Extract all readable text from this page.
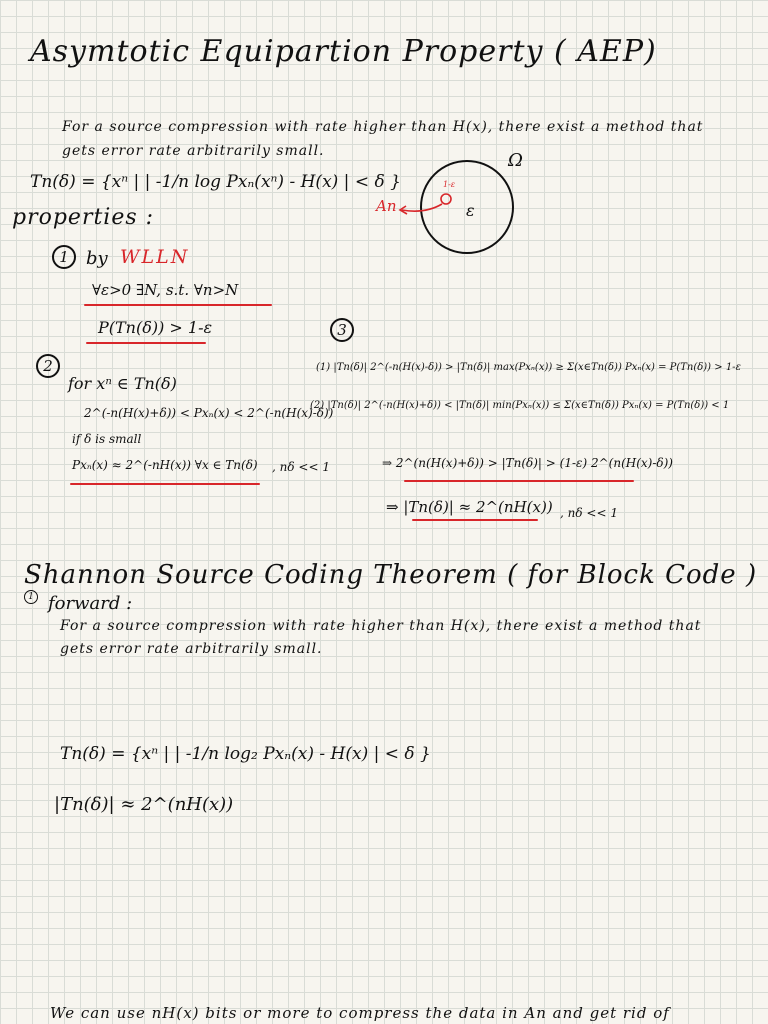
Asymtotic Equipartion Property ( AEP)
For a source compression with rate higher than H(x), there exist a method that
gets error rate arbitrarily small.
Tn(δ) = {xⁿ | | -1/n log Pxₙ(xⁿ) - H(x) | < δ }
properties :
Ω
ε
An
1-ε
1 by WLLN
∀ε>0 ∃N, s.t. ∀n>N
P(Tn(δ)) > 1-ε
2
for xⁿ ∈ Tn(δ)
2^(-n(H(x)+δ)) < Pxₙ(x) < 2^(-n(H(x)-δ))
if δ is small
Pxₙ(x) ≈ 2^(-nH(x)) ∀x ∈ Tn(δ) , nδ << 1
3
(1) |Tn(δ)| 2^(-n(H(x)-δ)) > |Tn(δ)| max(Pxₙ(x)) ≥ Σ(x∈Tn(δ)) Pxₙ(x) = P(Tn(δ)) > 1-ε
(2) |Tn(δ)| 2^(-n(H(x)+δ)) < |Tn(δ)| min(Pxₙ(x)) ≤ Σ(x∈Tn(δ)) Pxₙ(x) = P(Tn(δ)) < 1
⇒ 2^(n(H(x)+δ)) > |Tn(δ)| > (1-ε) 2^(n(H(x)-δ))
⇒ |Tn(δ)| ≈ 2^(nH(x)) , nδ << 1
Shannon Source Coding Theorem ( for Block Code )
1 forward :
For a source compression with rate higher than H(x), there exist a method that
gets error rate arbitrarily small.
Tn(δ) = {xⁿ | | -1/n log₂ Pxₙ(x) - H(x) | < δ }
|Tn(δ)| ≈ 2^(nH(x))
We can use nH(x) bits or more to compress the data in An and get rid of
